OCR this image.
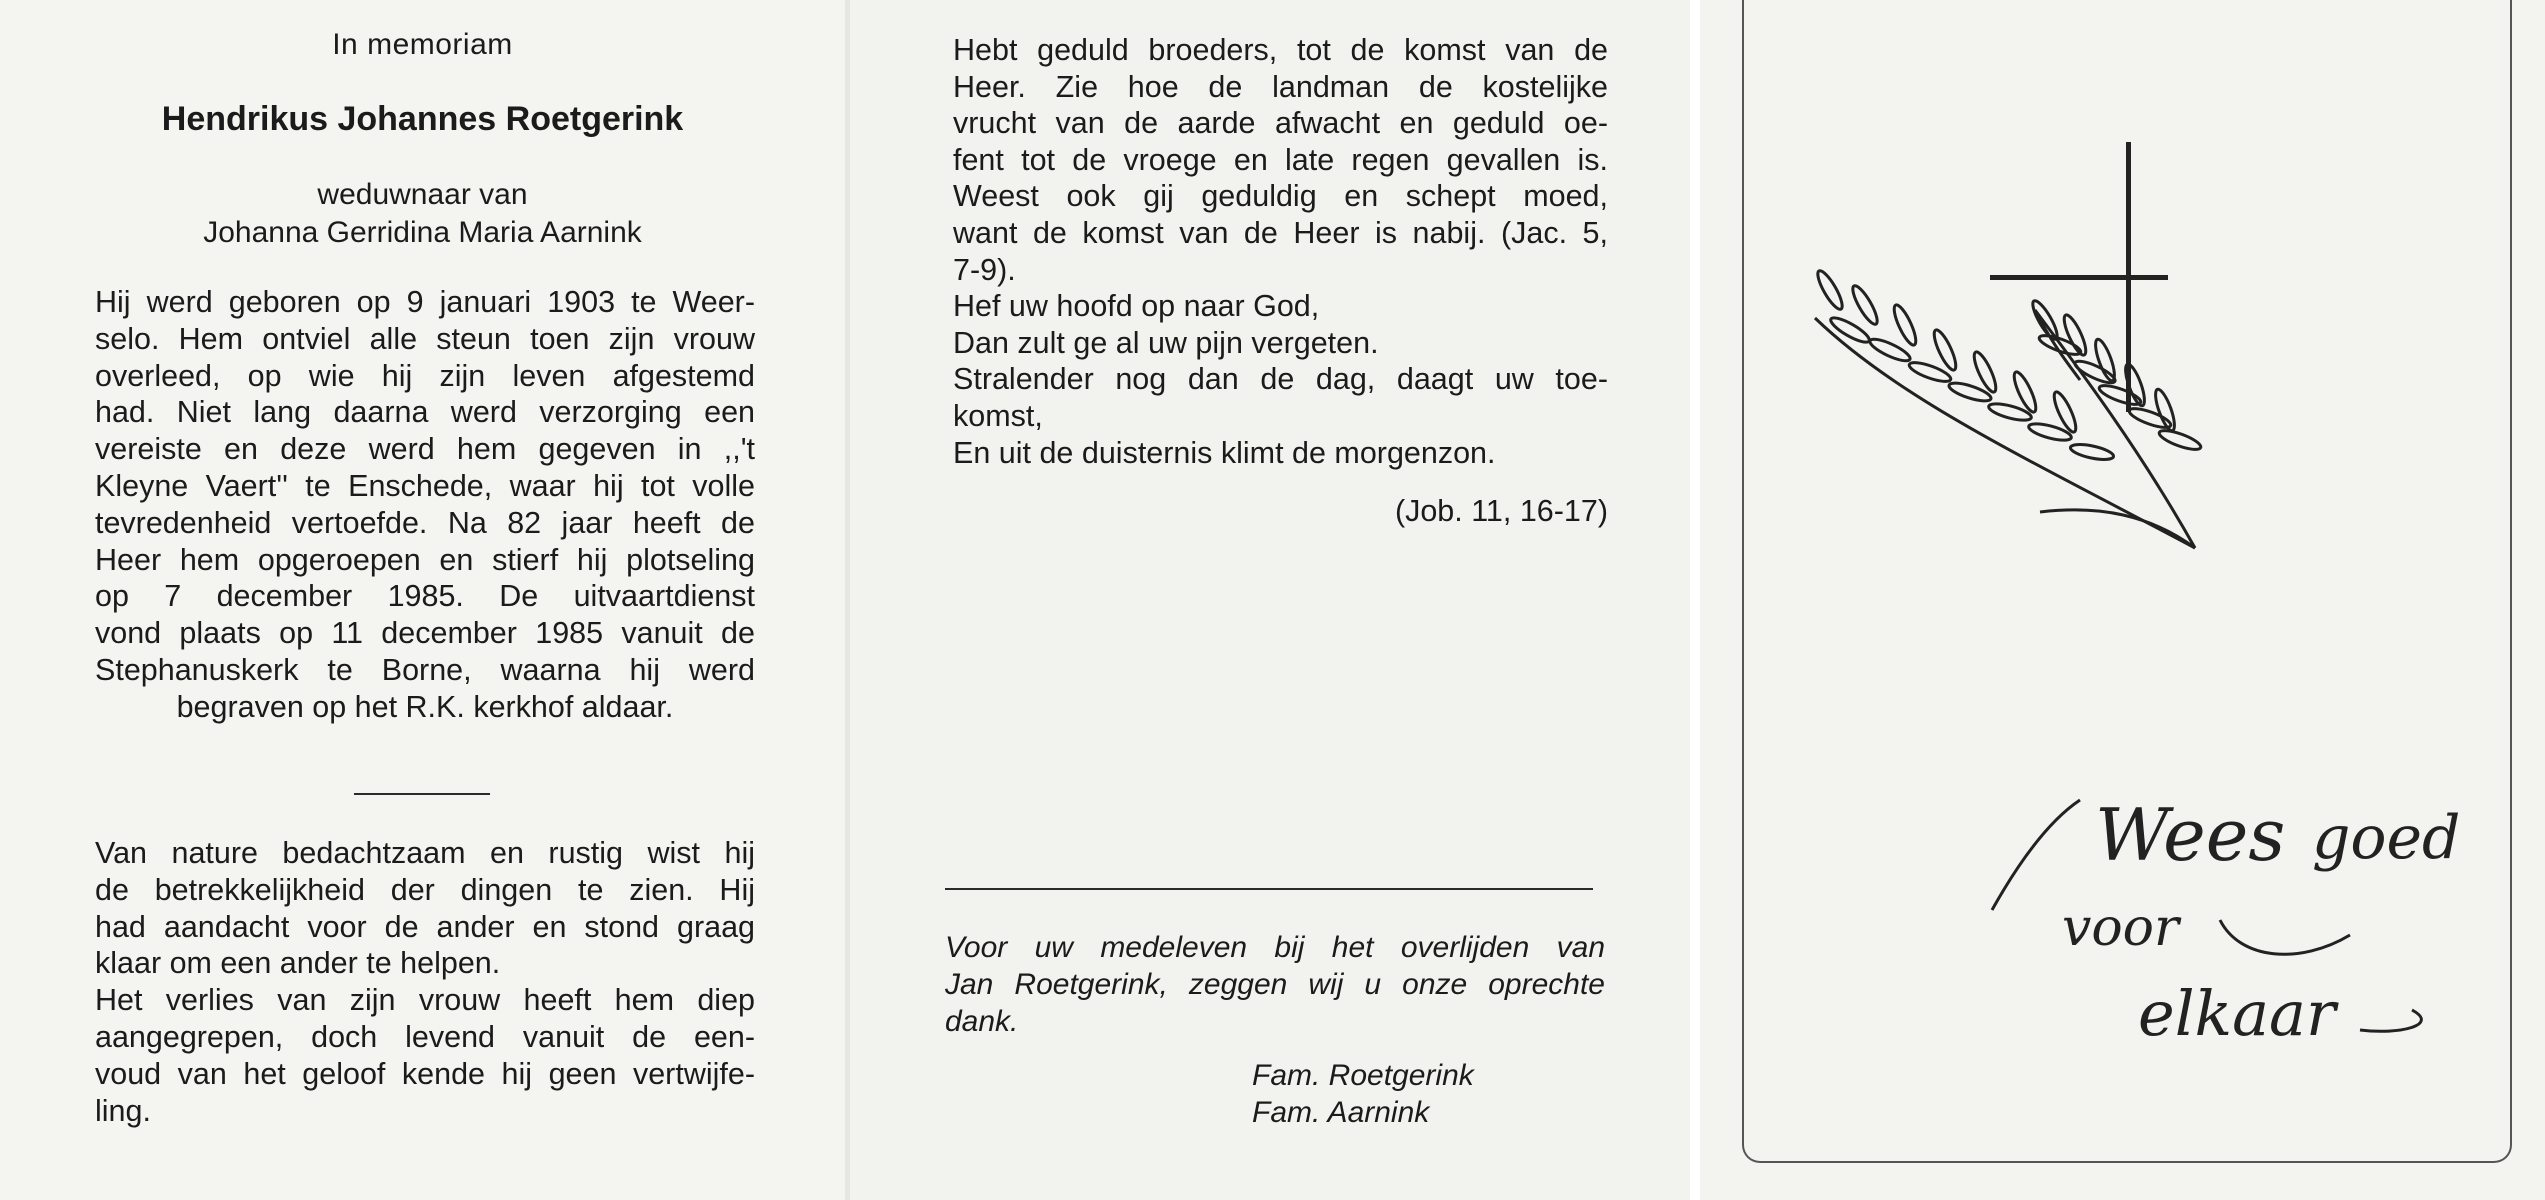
In memoriam
Hendrikus Johannes Roetgerink
weduwnaar van
Johanna Gerridina Maria Aarnink
Hij werd geboren op 9 januari 1903 te Weer-
selo. Hem ontviel alle steun toen zijn vrouw
overleed, op wie hij zijn leven afgestemd
had. Niet lang daarna werd verzorging een
vereiste en deze werd hem gegeven in ,,'t
Kleyne Vaert'' te Enschede, waar hij tot volle
tevredenheid vertoefde. Na 82 jaar heeft de
Heer hem opgeroepen en stierf hij plotseling
op 7 december 1985. De uitvaartdienst
vond plaats op 11 december 1985 vanuit de
Stephanuskerk te Borne, waarna hij werd
begraven op het R.K. kerkhof aldaar.
Van nature bedachtzaam en rustig wist hij
de betrekkelijkheid der dingen te zien. Hij
had aandacht voor de ander en stond graag
klaar om een ander te helpen.
Het verlies van zijn vrouw heeft hem diep
aangegrepen, doch levend vanuit de een-
voud van het geloof kende hij geen vertwijfe-
ling.
Hebt geduld broeders, tot de komst van de
Heer. Zie hoe de landman de kostelijke
vrucht van de aarde afwacht en geduld oe-
fent tot de vroege en late regen gevallen is.
Weest ook gij geduldig en schept moed,
want de komst van de Heer is nabij. (Jac. 5,
7-9).
Hef uw hoofd op naar God,
Dan zult ge al uw pijn vergeten.
Stralender nog dan de dag, daagt uw toe-
komst,
En uit de duisternis klimt de morgenzon.
(Job. 11, 16-17)
Voor uw medeleven bij het overlijden van
Jan Roetgerink, zeggen wij u onze oprechte
dank.
Fam. Roetgerink
Fam. Aarnink
Wees goed
voor
elkaar
